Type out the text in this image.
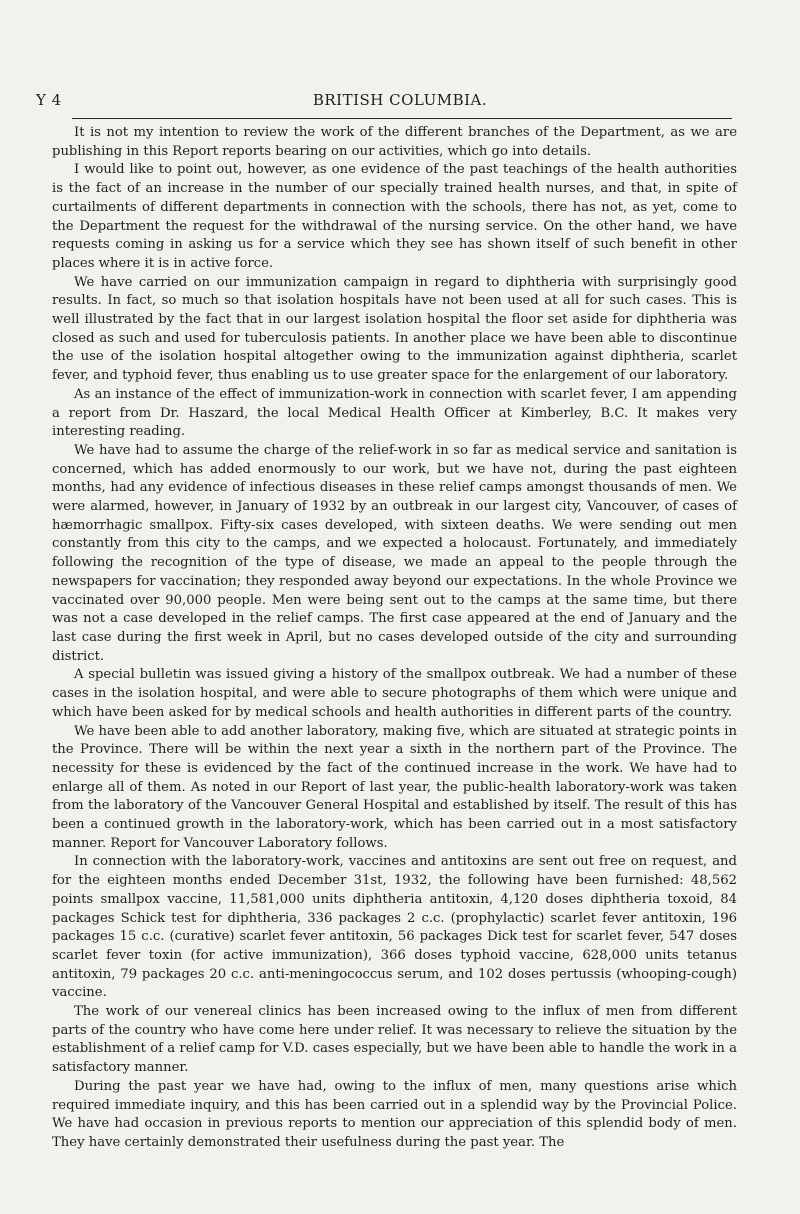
Y 4	BRITISH COLUMBIA.

It is not my intention to review the work of the different branches of the Department, as we are publishing in this Report reports bearing on our activities, which go into details.

I would like to point out, however, as one evidence of the past teachings of the health authorities is the fact of an increase in the number of our specially trained health nurses, and that, in spite of curtailments of different departments in connection with the schools, there has not, as yet, come to the Department the request for the withdrawal of the nursing service. On the other hand, we have requests coming in asking us for a service which they see has shown itself of such benefit in other places where it is in active force.

We have carried on our immunization campaign in regard to diphtheria with surprisingly good results. In fact, so much so that isolation hospitals have not been used at all for such cases. This is well illustrated by the fact that in our largest isolation hospital the floor set aside for diphtheria was closed as such and used for tuberculosis patients. In another place we have been able to discontinue the use of the isolation hospital altogether owing to the immunization against diphtheria, scarlet fever, and typhoid fever, thus enabling us to use greater space for the enlargement of our laboratory.

As an instance of the effect of immunization-work in connection with scarlet fever, I am appending a report from Dr. Haszard, the local Medical Health Officer at Kimberley, B.C. It makes very interesting reading.

We have had to assume the charge of the relief-work in so far as medical service and sanitation is concerned, which has added enormously to our work, but we have not, during the past eighteen months, had any evidence of infectious diseases in these relief camps amongst thousands of men. We were alarmed, however, in January of 1932 by an outbreak in our largest city, Vancouver, of cases of hæmorrhagic smallpox. Fifty-six cases developed, with sixteen deaths. We were sending out men constantly from this city to the camps, and we expected a holocaust. Fortunately, and immediately following the recognition of the type of disease, we made an appeal to the people through the newspapers for vaccination; they responded away beyond our expectations. In the whole Province we vaccinated over 90,000 people. Men were being sent out to the camps at the same time, but there was not a case developed in the relief camps. The first case appeared at the end of January and the last case during the first week in April, but no cases developed outside of the city and surrounding district.

A special bulletin was issued giving a history of the smallpox outbreak. We had a number of these cases in the isolation hospital, and were able to secure photographs of them which were unique and which have been asked for by medical schools and health authorities in different parts of the country.

We have been able to add another laboratory, making five, which are situated at strategic points in the Province. There will be within the next year a sixth in the northern part of the Province. The necessity for these is evidenced by the fact of the continued increase in the work. We have had to enlarge all of them. As noted in our Report of last year, the public-health laboratory-work was taken from the laboratory of the Vancouver General Hospital and established by itself. The result of this has been a continued growth in the laboratory-work, which has been carried out in a most satisfactory manner. Report for Vancouver Laboratory follows.

In connection with the laboratory-work, vaccines and antitoxins are sent out free on request, and for the eighteen months ended December 31st, 1932, the following have been furnished: 48,562 points smallpox vaccine, 11,581,000 units diphtheria antitoxin, 4,120 doses diphtheria toxoid, 84 packages Schick test for diphtheria, 336 packages 2 c.c. (prophylactic) scarlet fever antitoxin, 196 packages 15 c.c. (curative) scarlet fever antitoxin, 56 packages Dick test for scarlet fever, 547 doses scarlet fever toxin (for active immunization), 366 doses typhoid vaccine, 628,000 units tetanus antitoxin, 79 packages 20 c.c. anti-meningococcus serum, and 102 doses pertussis (whooping-cough) vaccine.

The work of our venereal clinics has been increased owing to the influx of men from different parts of the country who have come here under relief. It was necessary to relieve the situation by the establishment of a relief camp for V.D. cases especially, but we have been able to handle the work in a satisfactory manner.

During the past year we have had, owing to the influx of men, many questions arise which required immediate inquiry, and this has been carried out in a splendid way by the Provincial Police. We have had occasion in previous reports to mention our appreciation of this splendid body of men. They have certainly demonstrated their usefulness during the past year. The
